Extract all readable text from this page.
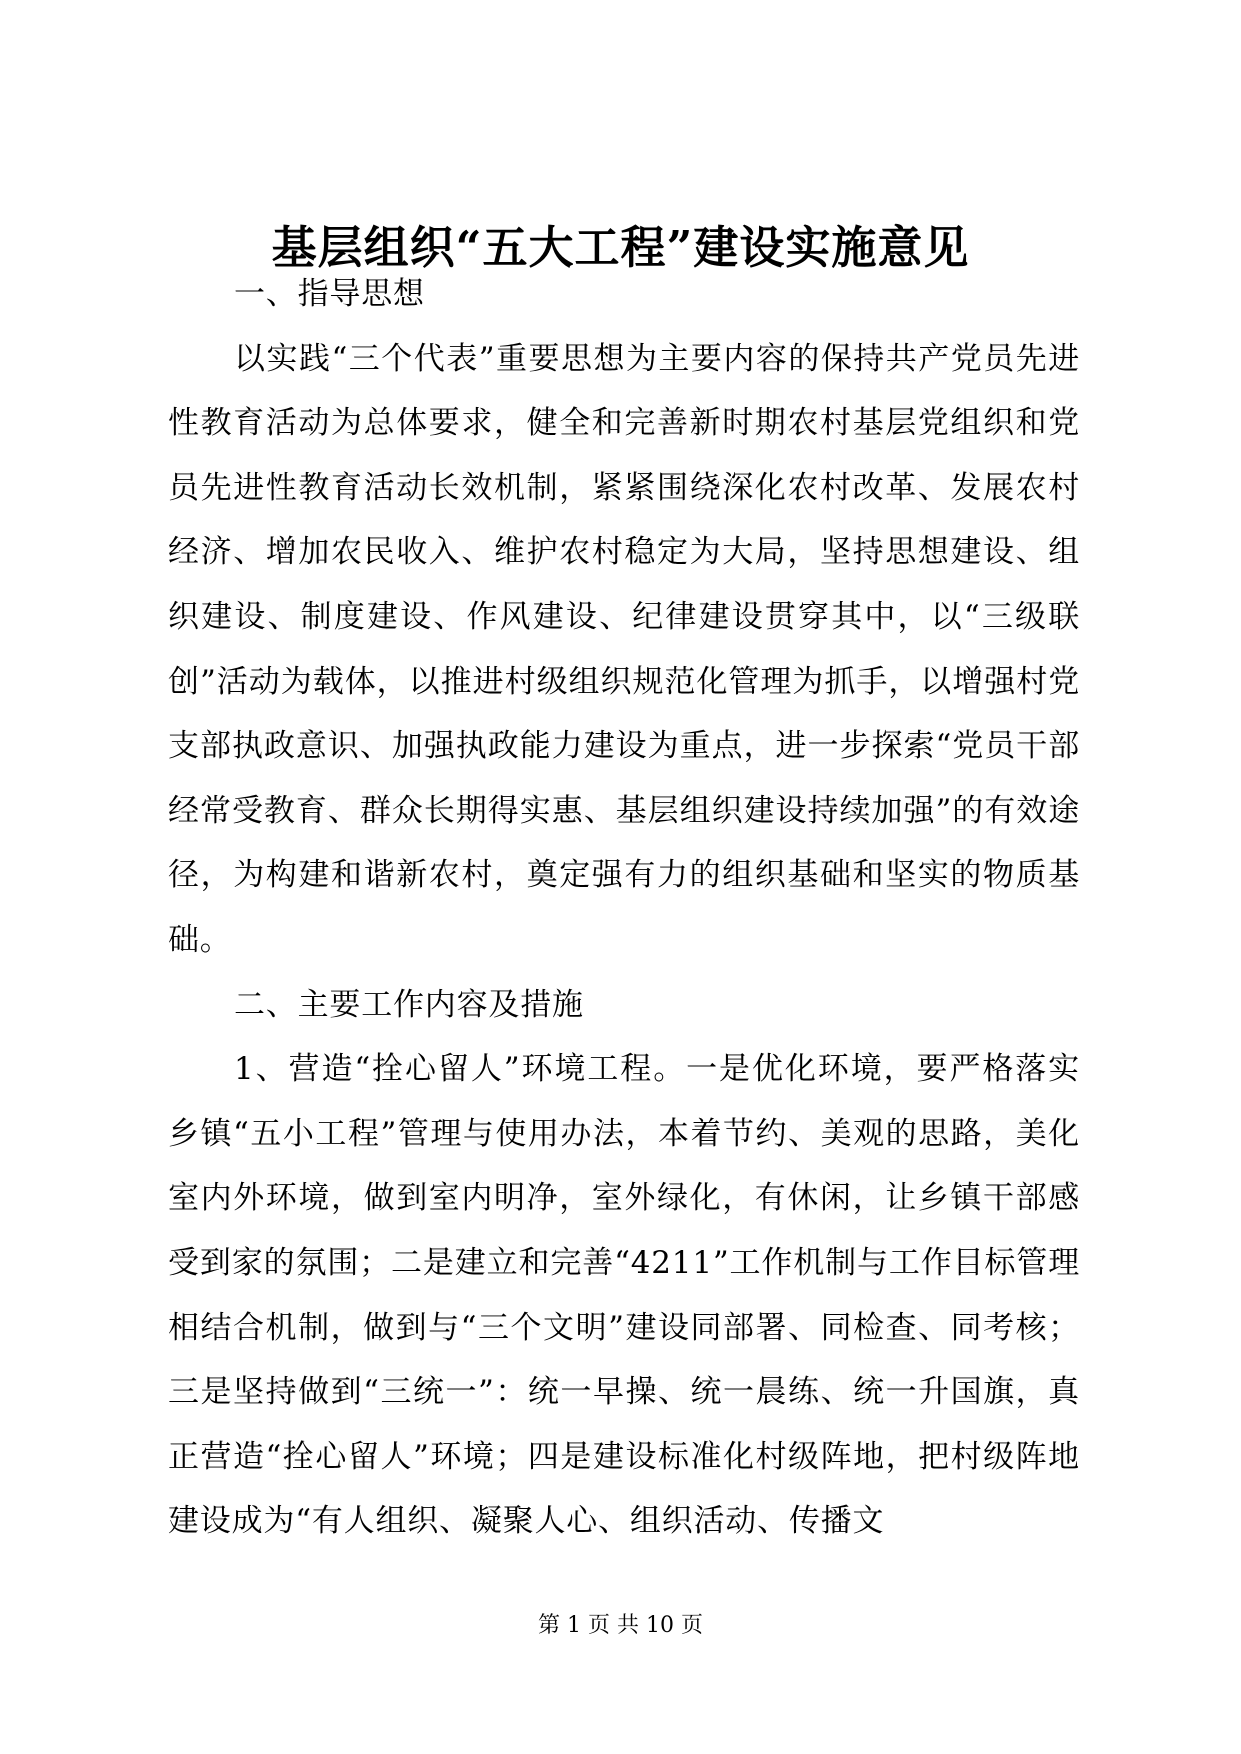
基层组织“五大工程”建设实施意见

一、指导思想

以实践“三个代表”重要思想为主要内容的保持共产党员先进性教育活动为总体要求，健全和完善新时期农村基层党组织和党员先进性教育活动长效机制，紧紧围绕深化农村改革、发展农村经济、增加农民收入、维护农村稳定为大局，坚持思想建设、组织建设、制度建设、作风建设、纪律建设贯穿其中，以“三级联创”活动为载体，以推进村级组织规范化管理为抓手，以增强村党支部执政意识、加强执政能力建设为重点，进一步探索“党员干部经常受教育、群众长期得实惠、基层组织建设持续加强”的有效途径，为构建和谐新农村，奠定强有力的组织基础和坚实的物质基础。

二、主要工作内容及措施

1、营造“拴心留人”环境工程。一是优化环境，要严格落实乡镇“五小工程”管理与使用办法，本着节约、美观的思路，美化室内外环境，做到室内明净，室外绿化，有休闲，让乡镇干部感受到家的氛围；二是建立和完善“4211”工作机制与工作目标管理相结合机制，做到与“三个文明”建设同部署、同检查、同考核；三是坚持做到“三统一”：统一早操、统一晨练、统一升国旗，真正营造“拴心留人”环境；四是建设标准化村级阵地，把村级阵地建设成为“有人组织、凝聚人心、组织活动、传播文

第 1 页 共 10 页
